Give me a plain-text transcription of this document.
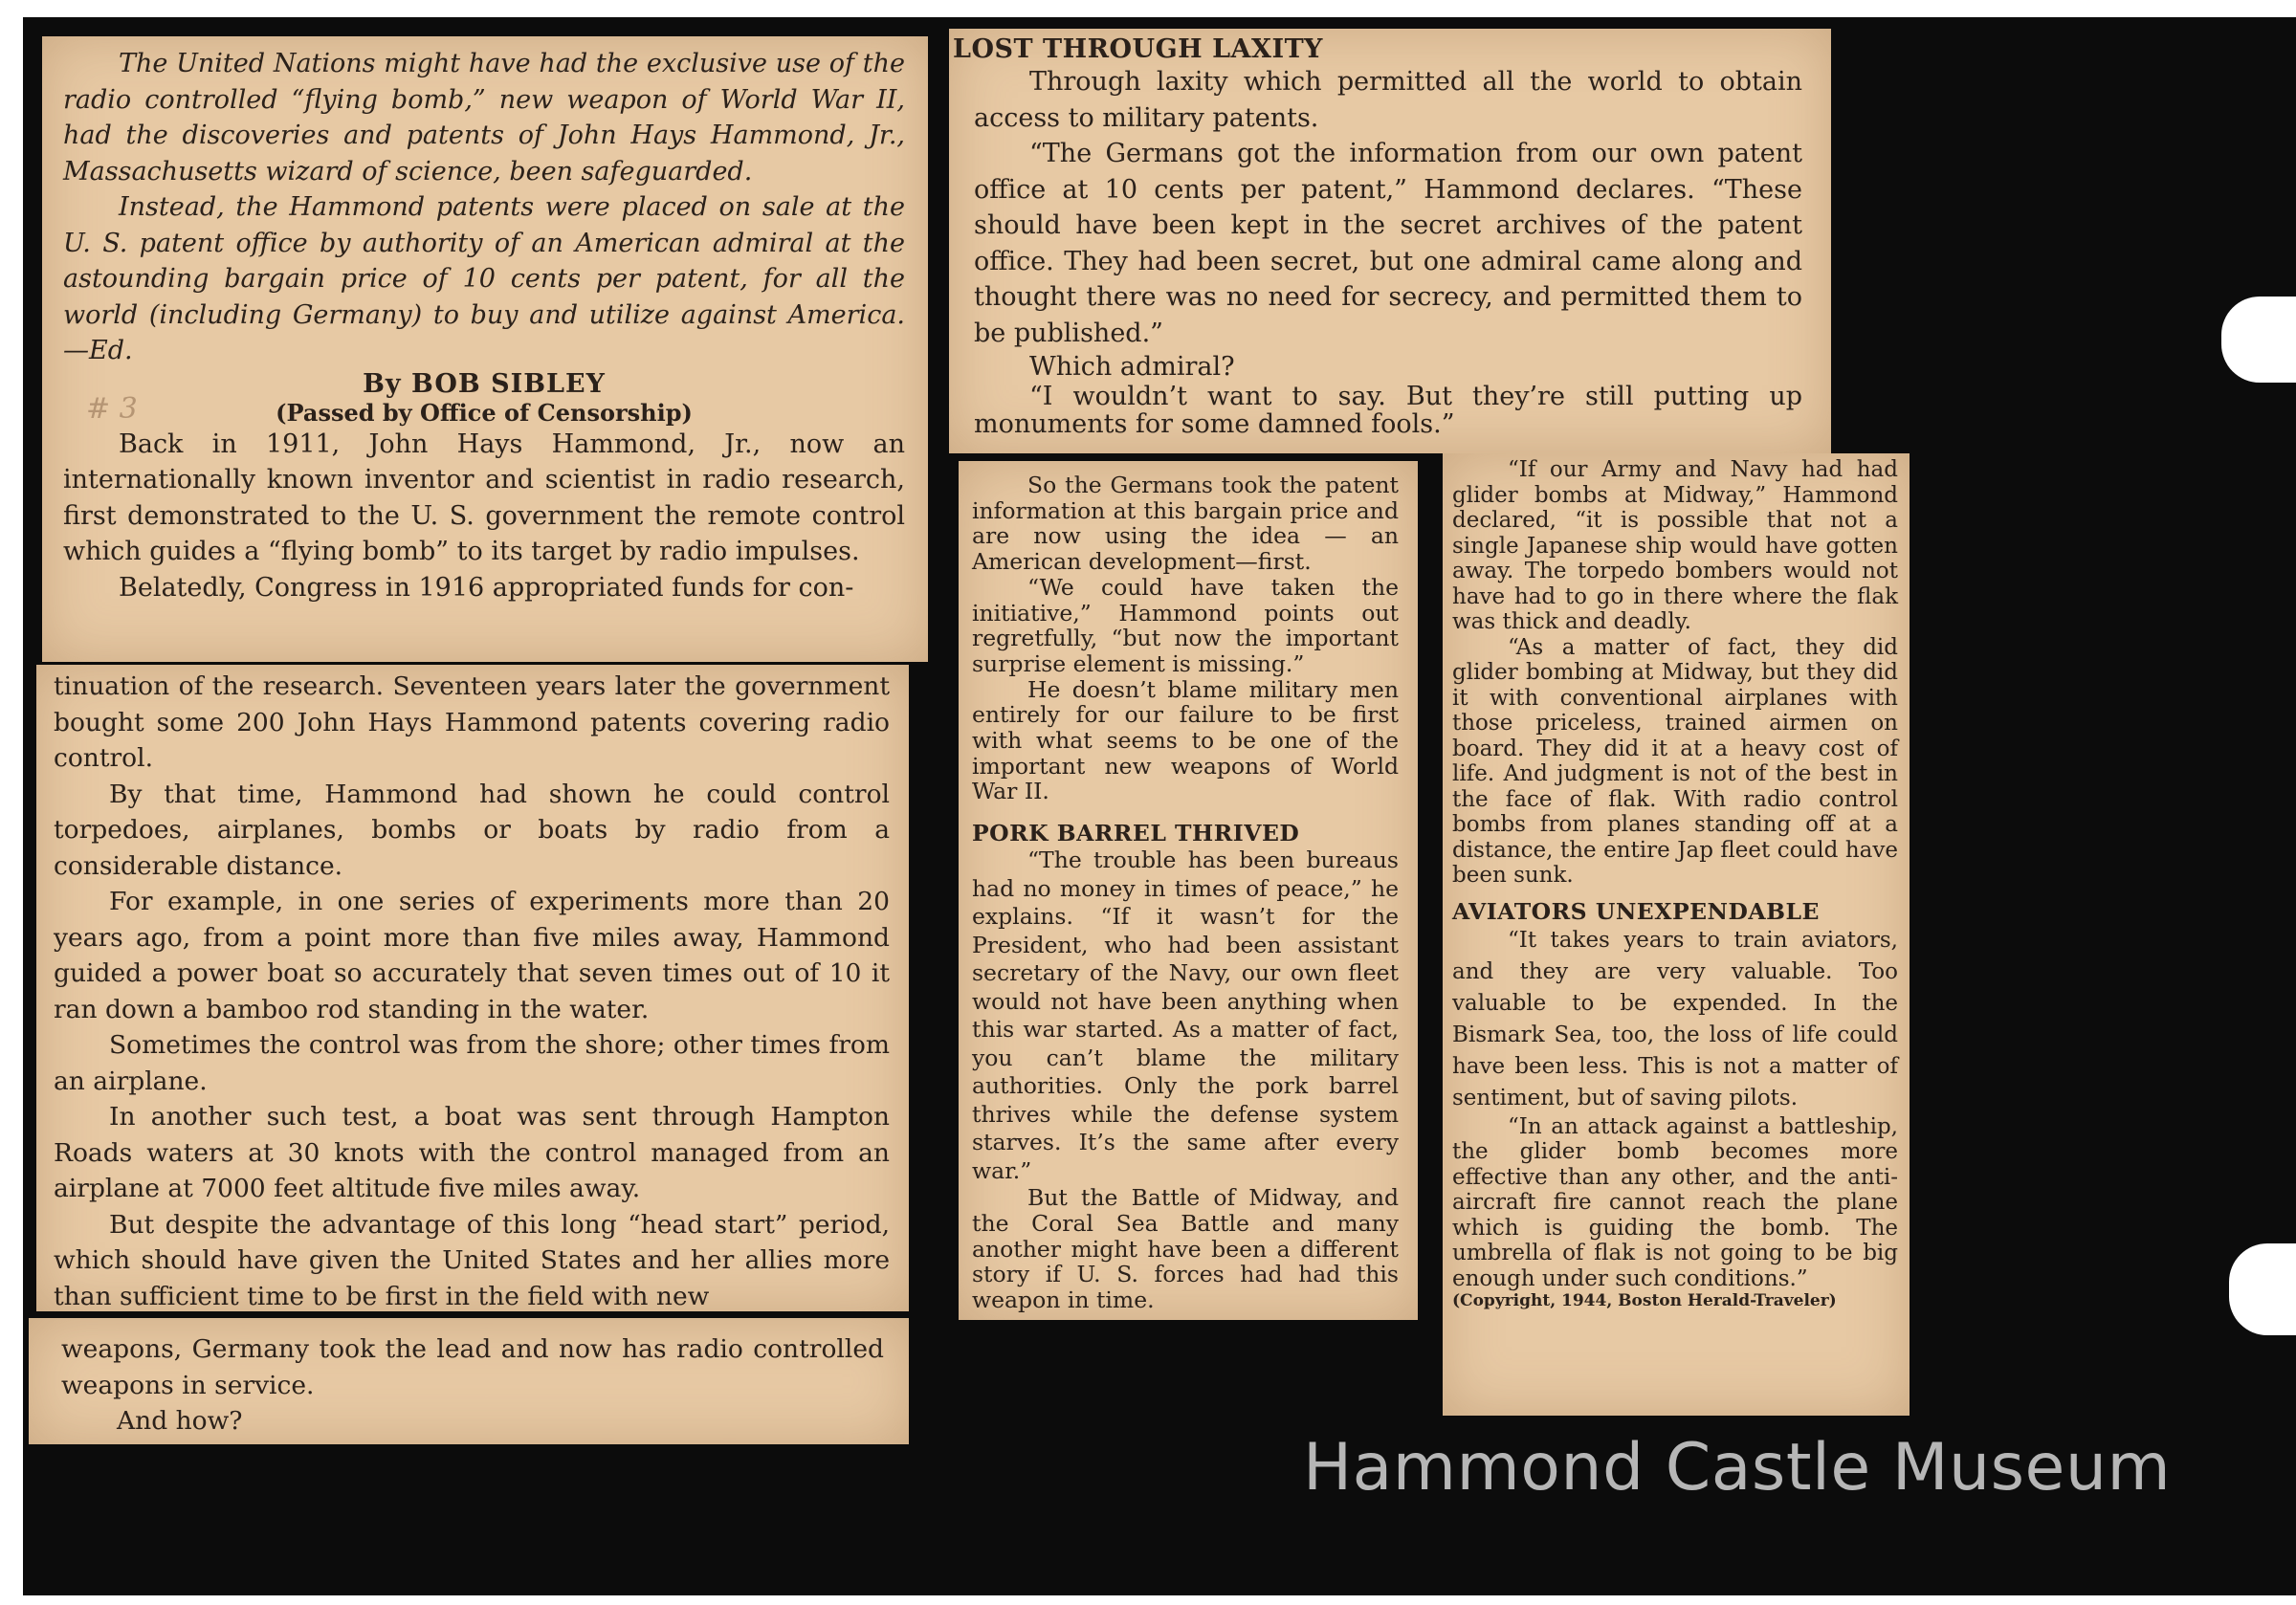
The United Nations might have had the exclusive use of the radio controlled “flying bomb,” new weapon of World War II, had the discoveries and patents of John Hays Hammond, Jr., Massachusetts wizard of science, been safeguarded.

Instead, the Hammond patents were placed on sale at the U. S. patent office by authority of an American admiral at the astounding bargain price of 10 cents per patent, for all the world (including Germany) to buy and utilize against America.—Ed.

By BOB SIBLEY

(Passed by Office of Censorship)

Back in 1911, John Hays Hammond, Jr., now an internationally known inventor and scientist in radio research, first demonstrated to the U. S. government the remote control which guides a “flying bomb” to its target by radio impulses.

Belatedly, Congress in 1916 appropriated funds for con-

# 3

tinuation of the research. Seventeen years later the government bought some 200 John Hays Hammond patents covering radio control.

By that time, Hammond had shown he could control torpedoes, airplanes, bombs or boats by radio from a considerable distance.

For example, in one series of experiments more than 20 years ago, from a point more than five miles away, Hammond guided a power boat so accurately that seven times out of 10 it ran down a bamboo rod standing in the water.

Sometimes the control was from the shore; other times from an airplane.

In another such test, a boat was sent through Hampton Roads waters at 30 knots with the control managed from an airplane at 7000 feet altitude five miles away.

But despite the advantage of this long “head start” period, which should have given the United States and her allies more than sufficient time to be first in the field with new

weapons, Germany took the lead and now has radio controlled weapons in service.

And how?

LOST THROUGH LAXITY

Through laxity which permitted all the world to obtain access to military patents.

“The Germans got the information from our own patent office at 10 cents per patent,” Hammond declares. “These should have been kept in the secret archives of the patent office. They had been secret, but one admiral came along and thought there was no need for secrecy, and permitted them to be published.”

Which admiral?

“I wouldn’t want to say. But they’re still putting up monuments for some damned fools.”

So the Germans took the patent information at this bargain price and are now using the idea — an American development—first.

“We could have taken the initiative,” Hammond points out regretfully, “but now the important surprise element is missing.”

He doesn’t blame military men entirely for our failure to be first with what seems to be one of the important new weapons of World War II.

PORK BARREL THRIVED

“The trouble has been bureaus had no money in times of peace,” he explains. “If it wasn’t for the President, who had been assistant secretary of the Navy, our own fleet would not have been anything when this war started. As a matter of fact, you can’t blame the military authorities. Only the pork barrel thrives while the defense system starves. It’s the same after every war.”

But the Battle of Midway, and the Coral Sea Battle and many another might have been a different story if U. S. forces had had this weapon in time.

“If our Army and Navy had had glider bombs at Midway,” Hammond declared, “it is possible that not a single Japanese ship would have gotten away. The torpedo bombers would not have had to go in there where the flak was thick and deadly.

“As a matter of fact, they did glider bombing at Midway, but they did it with conventional airplanes with those priceless, trained airmen on board. They did it at a heavy cost of life. And judgment is not of the best in the face of flak. With radio control bombs from planes standing off at a distance, the entire Jap fleet could have been sunk.

AVIATORS UNEXPENDABLE

“It takes years to train aviators, and they are very valuable. Too valuable to be expended. In the Bismark Sea, too, the loss of life could have been less. This is not a matter of sentiment, but of saving pilots.

“In an attack against a battleship, the glider bomb becomes more effective than any other, and the anti-aircraft fire cannot reach the plane which is guiding the bomb. The umbrella of flak is not going to be big enough under such conditions.”

(Copyright, 1944, Boston Herald-Traveler)

Hammond Castle Museum
